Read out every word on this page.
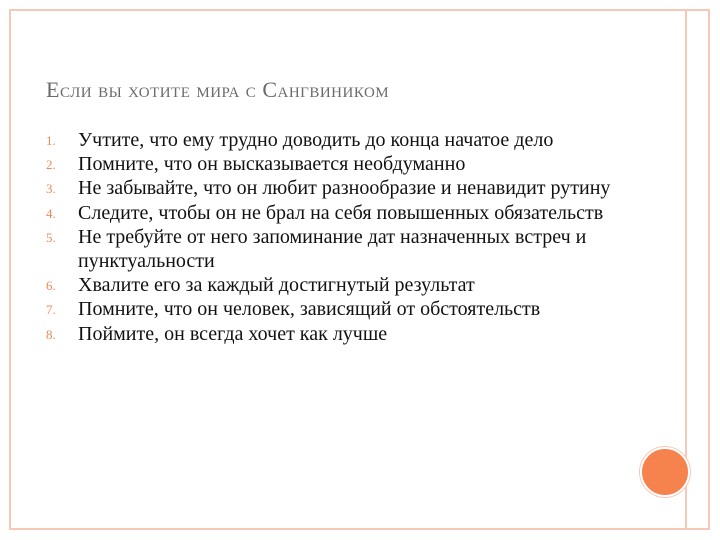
Если вы хотите мира с Сангвиником
1.	Учтите, что ему трудно доводить до конца начатое дело
2.	Помните, что он высказывается необдуманно
3.	Не забывайте, что он любит разнообразие и ненавидит рутину
4.	Следите, чтобы он не брал на себя повышенных обязательств
5.	Не требуйте от него запоминание дат назначенных встреч и пунктуальности
6.	Хвалите его за каждый достигнутый результат
7.	Помните, что он человек, зависящий от обстоятельств
8.	Поймите, он всегда хочет как лучше
